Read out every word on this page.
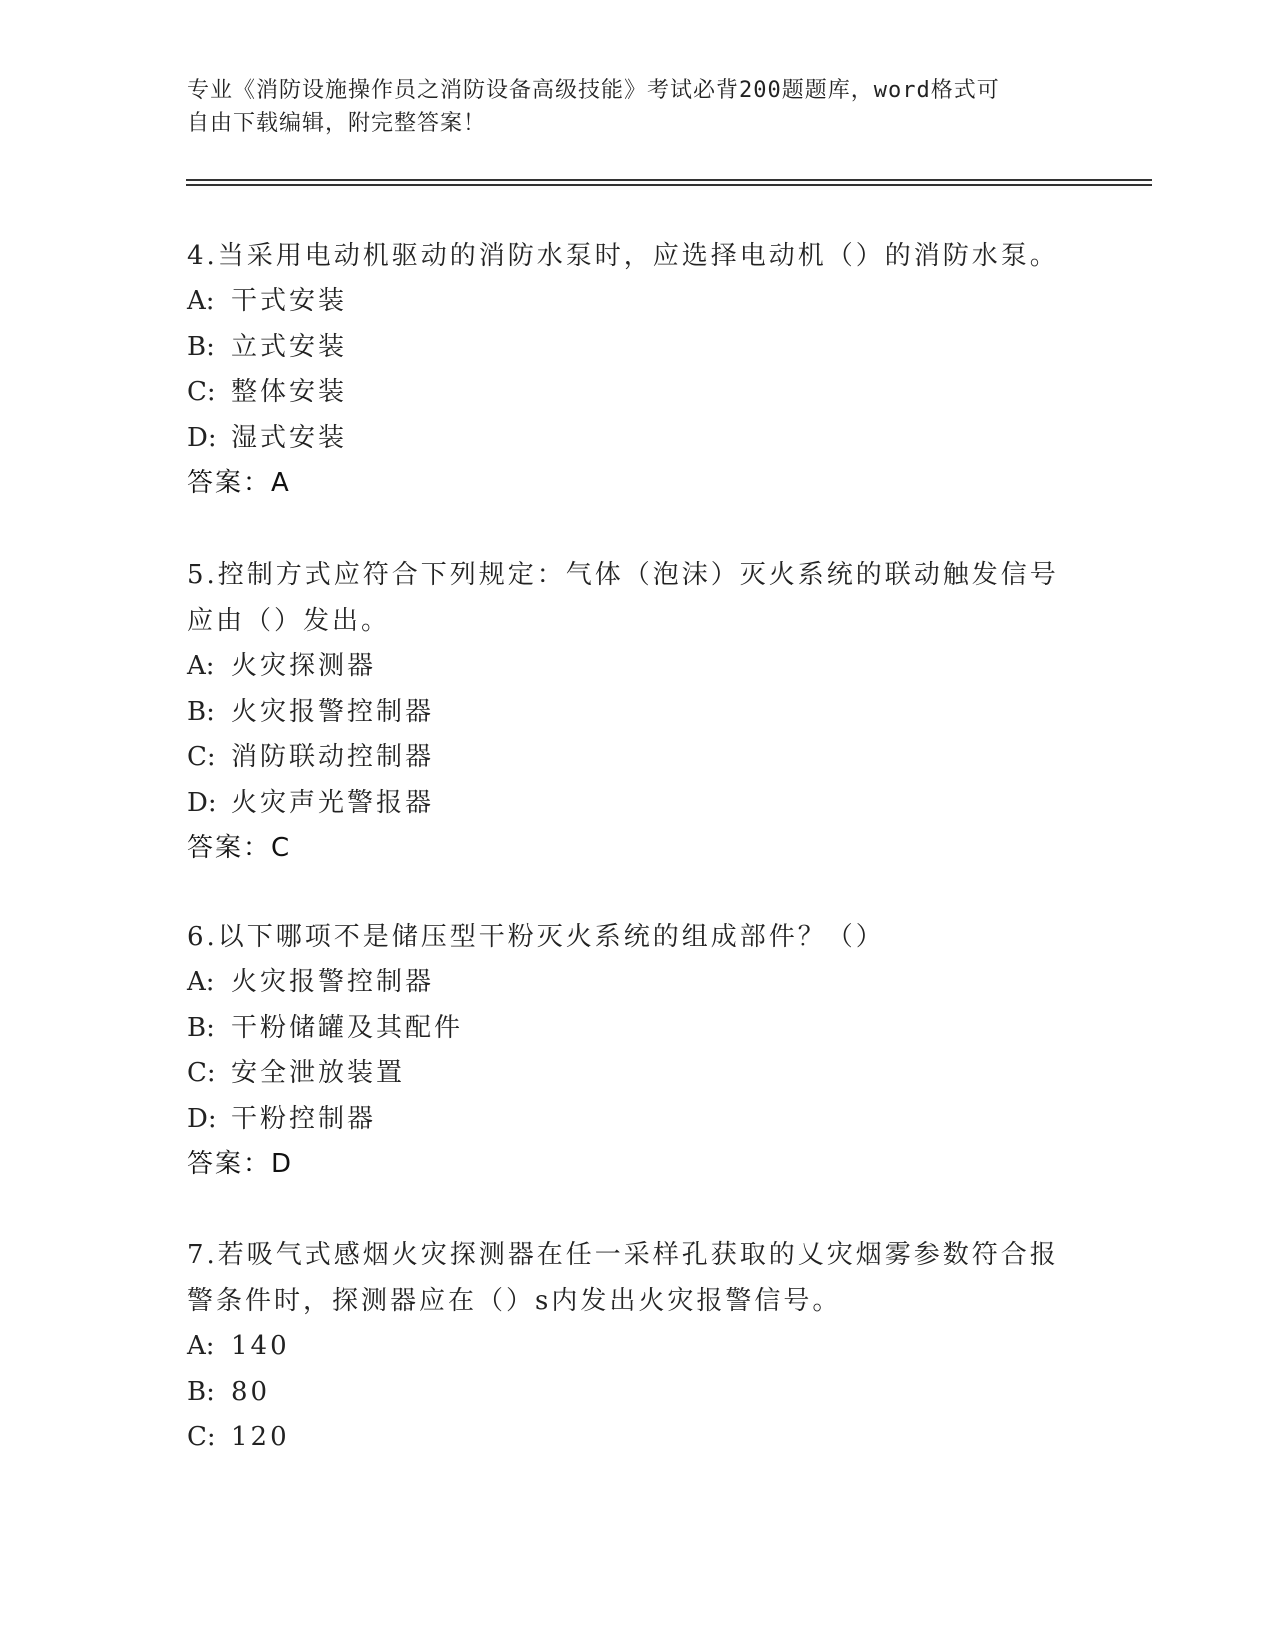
专业《消防设施操作员之消防设备高级技能》考试必背200题题库，word格式可
自由下载编辑，附完整答案！
4.当采用电动机驱动的消防水泵时，应选择电动机（）的消防水泵。
A: 干式安装
B: 立式安装
C: 整体安装
D: 湿式安装
答案：A
5.控制方式应符合下列规定：气体（泡沫）灭火系统的联动触发信号
应由（）发出。
A: 火灾探测器
B: 火灾报警控制器
C: 消防联动控制器
D: 火灾声光警报器
答案：C
6.以下哪项不是储压型干粉灭火系统的组成部件？（）
A: 火灾报警控制器
B: 干粉储罐及其配件
C: 安全泄放装置
D: 干粉控制器
答案：D
7.若吸气式感烟火灾探测器在任一采样孔获取的乂灾烟雾参数符合报
警条件时，探测器应在（）s内发出火灾报警信号。
A: 140
B: 80
C: 120
